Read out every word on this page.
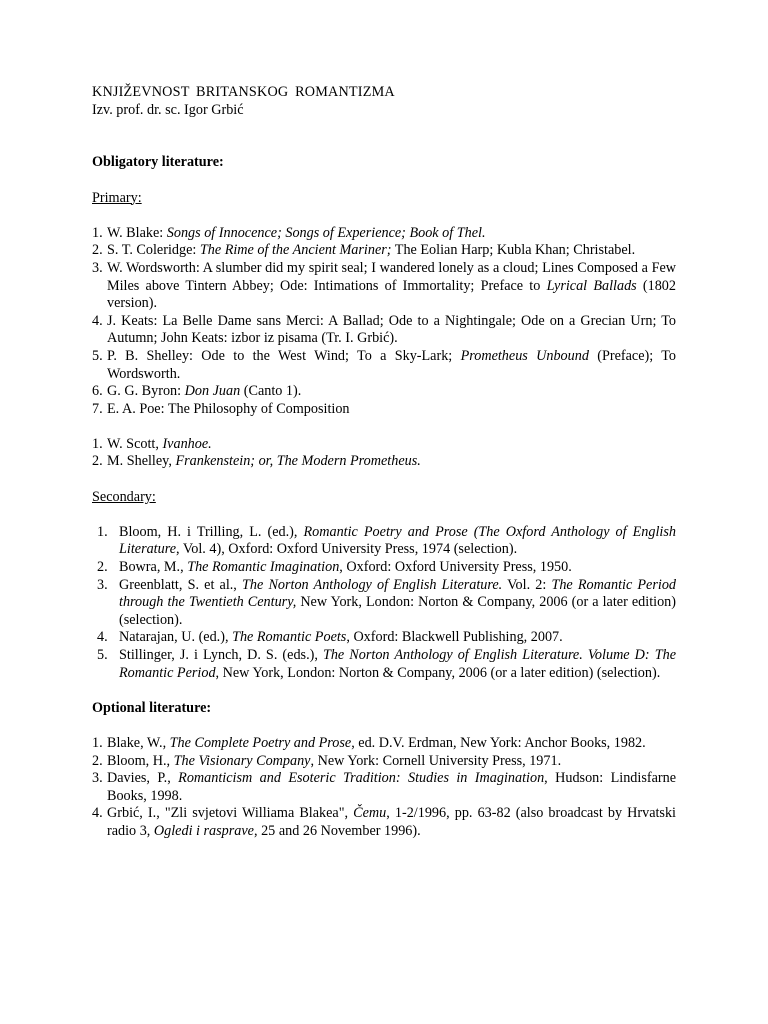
KNJIŽEVNOST BRITANSKOG ROMANTIZMA
Izv. prof. dr. sc. Igor Grbić
Obligatory literature:
Primary:
1. W. Blake: Songs of Innocence; Songs of Experience; Book of Thel.
2. S. T. Coleridge: The Rime of the Ancient Mariner; The Eolian Harp; Kubla Khan; Christabel.
3. W. Wordsworth: A slumber did my spirit seal; I wandered lonely as a cloud; Lines Composed a Few Miles above Tintern Abbey; Ode: Intimations of Immortality; Preface to Lyrical Ballads (1802 version).
4. J. Keats: La Belle Dame sans Merci: A Ballad; Ode to a Nightingale; Ode on a Grecian Urn; To Autumn; John Keats: izbor iz pisama (Tr. I. Grbić).
5. P. B. Shelley: Ode to the West Wind; To a Sky-Lark; Prometheus Unbound (Preface); To Wordsworth.
6. G. G. Byron: Don Juan (Canto 1).
7. E. A. Poe: The Philosophy of Composition
1. W. Scott, Ivanhoe.
2. M. Shelley, Frankenstein; or, The Modern Prometheus.
Secondary:
1. Bloom, H. i Trilling, L. (ed.), Romantic Poetry and Prose (The Oxford Anthology of English Literature, Vol. 4), Oxford: Oxford University Press, 1974 (selection).
2. Bowra, M., The Romantic Imagination, Oxford: Oxford University Press, 1950.
3. Greenblatt, S. et al., The Norton Anthology of English Literature. Vol. 2: The Romantic Period through the Twentieth Century, New York, London: Norton & Company, 2006 (or a later edition) (selection).
4. Natarajan, U. (ed.), The Romantic Poets, Oxford: Blackwell Publishing, 2007.
5. Stillinger, J. i Lynch, D. S. (eds.), The Norton Anthology of English Literature. Volume D: The Romantic Period, New York, London: Norton & Company, 2006 (or a later edition) (selection).
Optional literature:
1. Blake, W., The Complete Poetry and Prose, ed. D.V. Erdman, New York: Anchor Books, 1982.
2. Bloom, H., The Visionary Company, New York: Cornell University Press, 1971.
3. Davies, P., Romanticism and Esoteric Tradition: Studies in Imagination, Hudson: Lindisfarne Books, 1998.
4. Grbić, I., "Zli svjetovi Williama Blakea", Čemu, 1-2/1996, pp. 63-82 (also broadcast by Hrvatski radio 3, Ogledi i rasprave, 25 and 26 November 1996).
